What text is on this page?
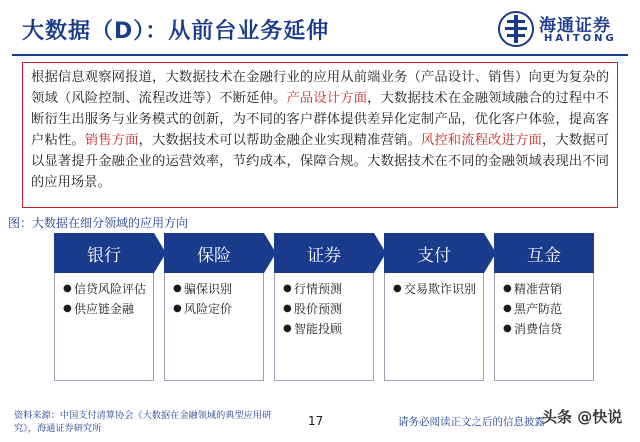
大数据（D）：从前台业务延伸	海通证券
HAITONG
根据信息观察网报道，大数据技术在金融行业的应用从前端业务（产品设计、销售）向更为复杂的领域（风险控制、流程改进等）不断延伸。产品设计方面，大数据技术在金融领域融合的过程中不断衍生出服务与业务模式的创新，为不同的客户群体提供差异化定制产品，优化客户体验，提高客户粘性。销售方面，大数据技术可以帮助金融企业实现精准营销。风控和流程改进方面，大数据可以显著提升金融企业的运营效率，节约成本，保障合规。大数据技术在不同的金融领域表现出不同的应用场景。
图：大数据在细分领域的应用方向
银行	保险	证券	支付	互金
● 信贷风险评估
● 供应链金融
● 骗保识别
● 风险定价
● 行情预测
● 股价预测
● 智能投顾
● 交易欺诈识别	● 精准营销
● 黑产防范
● 消费信贷
资料来源：中国支付清算协会《大数据在金融领域的典型应用研究》，海通证券研究所
17	请务必阅读正文之后的信息披露
头条 @快说
